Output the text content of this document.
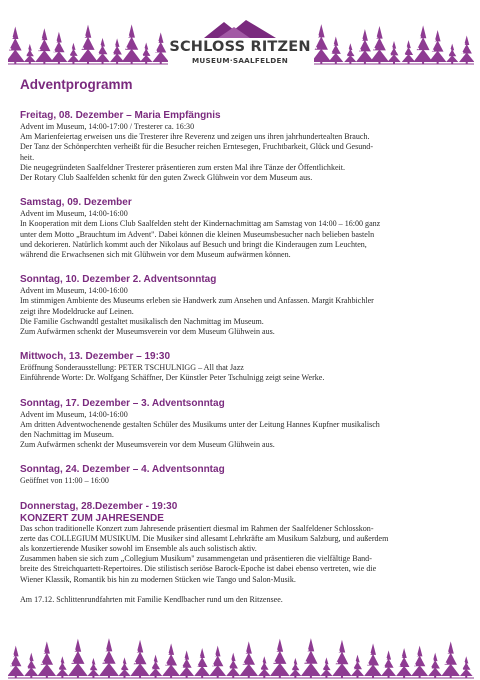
SCHLOSS RITZEN
MUSEUM·SAALFELDEN
Adventprogramm
Freitag, 08. Dezember – Maria Empfängnis
Advent im Museum, 14:00-17:00 / Tresterer ca. 16:30
Am Marienfeiertag erweisen uns die Tresterer ihre Reverenz und zeigen uns ihren jahrhundertealten Brauch.
Der Tanz der Schönperchten verheißt für die Besucher reichen Erntesegen, Fruchtbarkeit, Glück und Gesund-
heit.
Die neugegründeten Saalfeldner Tresterer präsentieren zum ersten Mal ihre Tänze der Öffentlichkeit.
Der Rotary Club Saalfelden schenkt für den guten Zweck Glühwein vor dem Museum aus.
Samstag, 09. Dezember
Advent im Museum, 14:00-16:00
In Kooperation mit dem Lions Club Saalfelden steht der Kindernachmittag am Samstag von 14:00 – 16:00 ganz
unter dem Motto „Brauchtum im Advent". Dabei können die kleinen Museumsbesucher nach belieben basteln
und dekorieren. Natürlich kommt auch der Nikolaus auf Besuch und bringt die Kinderaugen zum Leuchten,
während die Erwachsenen sich mit Glühwein vor dem Museum aufwärmen können.
Sonntag, 10. Dezember 2. Adventsonntag
Advent im Museum, 14:00-16:00
Im stimmigen Ambiente des Museums erleben sie Handwerk zum Ansehen und Anfassen. Margit Krahbichler
zeigt ihre Modeldrucke auf Leinen.
Die Familie Gschwandtl gestaltet musikalisch den Nachmittag im Museum.
Zum Aufwärmen schenkt der Museumsverein vor dem Museum Glühwein aus.
Mittwoch, 13. Dezember – 19:30
Eröffnung Sonderausstellung: PETER TSCHULNIGG – All that Jazz
Einführende Worte: Dr. Wolfgang Schäffner, Der Künstler Peter Tschulnigg zeigt seine Werke.
Sonntag, 17. Dezember – 3. Adventsonntag
Advent im Museum, 14:00-16:00
Am dritten Adventwochenende gestalten Schüler des Musikums unter der Leitung Hannes Kupfner musikalisch
den Nachmittag im Museum.
Zum Aufwärmen schenkt der Museumsverein vor dem Museum Glühwein aus.
Sonntag, 24. Dezember – 4. Adventsonntag
Geöffnet von 11:00 – 16:00
Donnerstag, 28.Dezember - 19:30
KONZERT ZUM JAHRESENDE
Das schon traditionelle Konzert zum Jahresende präsentiert diesmal im Rahmen der Saalfeldener Schlosskon-
zerte das COLLEGIUM MUSIKUM. Die Musiker sind allesamt Lehrkräfte am Musikum Salzburg, und außerdem
als konzertierende Musiker sowohl im Ensemble als auch solistisch aktiv.
Zusammen haben sie sich zum „Collegium Musikum" zusammengetan und präsentieren die vielfältige Band-
breite des Streichquartett-Repertoires. Die stilistisch seriöse Barock-Epoche ist dabei ebenso vertreten, wie die
Wiener Klassik, Romantik bis hin zu modernen Stücken wie Tango und Salon-Musik.
Am 17.12. Schlittenrundfahrten mit Familie Kendlbacher rund um den Ritzensee.
